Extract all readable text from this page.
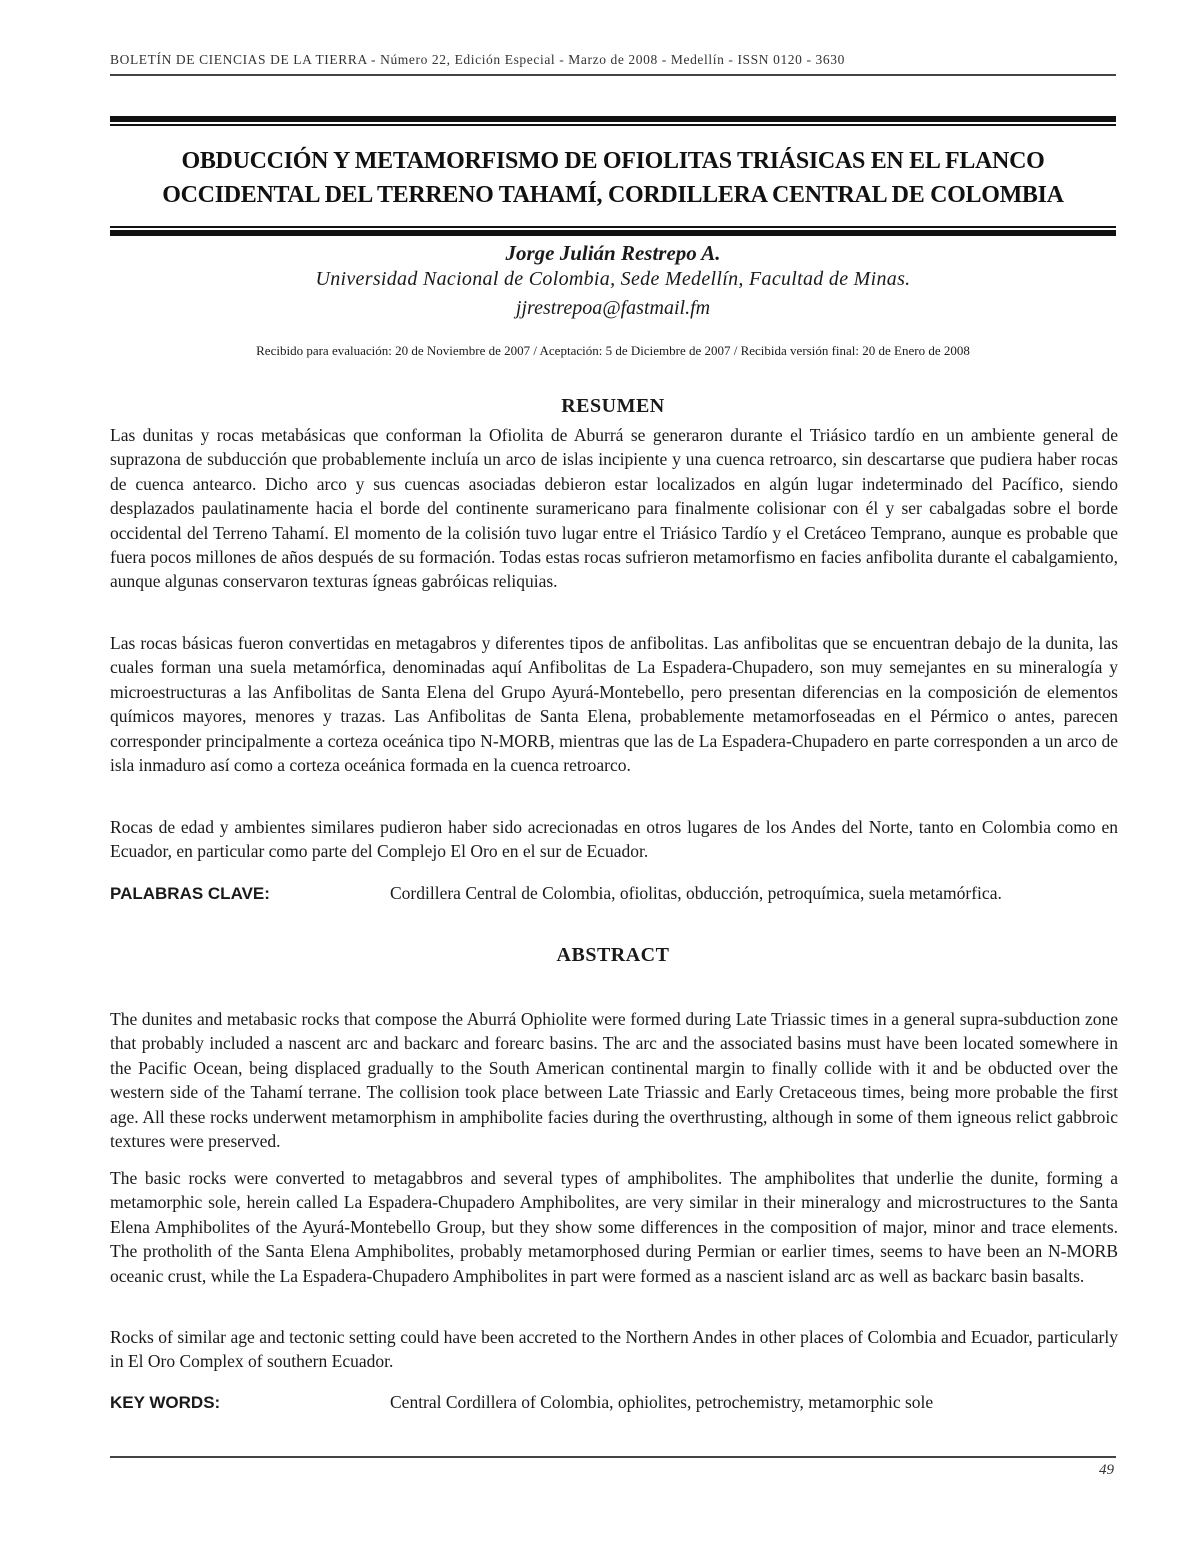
BOLETÍN DE CIENCIAS DE LA TIERRA - Número 22, Edición Especial - Marzo de 2008 - Medellín - ISSN 0120 - 3630
OBDUCCIÓN Y METAMORFISMO DE OFIOLITAS TRIÁSICAS EN EL FLANCO
OCCIDENTAL DEL TERRENO TAHAMÍ, CORDILLERA CENTRAL DE COLOMBIA
Jorge Julián Restrepo A.
Universidad Nacional de Colombia, Sede Medellín, Facultad de Minas.
jjrestrepoa@fastmail.fm
Recibido para evaluación: 20 de Noviembre de 2007 / Aceptación: 5 de Diciembre de 2007 / Recibida versión final: 20 de Enero de 2008
RESUMEN

Las dunitas y rocas metabásicas que conforman la Ofiolita de Aburrá se generaron durante el Triásico tardío en un ambiente general de suprazona de subducción que probablemente incluía un arco de islas incipiente y una cuenca retroarco, sin descartarse que pudiera haber rocas de cuenca antearco. Dicho arco y sus cuencas asociadas debieron estar localizados en algún lugar indeterminado del Pacífico, siendo desplazados paulatinamente hacia el borde del continente suramericano para finalmente colisionar con él y ser cabalgadas sobre el borde occidental del Terreno Tahamí. El momento de la colisión tuvo lugar entre el Triásico Tardío y el Cretáceo Temprano, aunque es probable que fuera pocos millones de años después de su formación. Todas estas rocas sufrieron metamorfismo en facies anfibolita durante el cabalgamiento, aunque algunas conservaron texturas ígneas gabróicas reliquias.

Las rocas básicas fueron convertidas en metagabros y diferentes tipos de anfibolitas. Las anfibolitas que se encuentran debajo de la dunita, las cuales forman una suela metamórfica, denominadas aquí Anfibolitas de La Espadera-Chupadero, son muy semejantes en su mineralogía y microestructuras a las Anfibolitas de Santa Elena del Grupo Ayurá-Montebello, pero presentan diferencias en la composición de elementos químicos mayores, menores y trazas. Las Anfibolitas de Santa Elena, probablemente metamorfoseadas en el Pérmico o antes, parecen corresponder principalmente a corteza oceánica tipo N-MORB, mientras que las de La Espadera-Chupadero en parte corresponden a un arco de isla inmaduro así como a corteza oceánica formada en la cuenca retroarco.

Rocas de edad y ambientes similares pudieron haber sido acrecionadas en otros lugares de los Andes del Norte, tanto en Colombia como en Ecuador, en particular como parte del Complejo El Oro en el sur de Ecuador.

PALABRAS CLAVE:	Cordillera Central de Colombia, ofiolitas, obducción, petroquímica, suela metamórfica.
ABSTRACT

The dunites and metabasic rocks that compose the Aburrá Ophiolite were formed during Late Triassic times in a general supra-subduction zone that probably included a nascent arc and backarc and forearc basins. The arc and the associated basins must have been located somewhere in the Pacific Ocean, being displaced gradually to the South American continental margin to finally collide with it and be obducted over the western side of the Tahamí terrane. The collision took place between Late Triassic and Early Cretaceous times, being more probable the first age. All these rocks underwent metamorphism in amphibolite facies during the overthrusting, although in some of them igneous relict gabbroic textures were preserved.

The basic rocks were converted to metagabbros and several types of amphibolites. The amphibolites that underlie the dunite, forming a metamorphic sole, herein called La Espadera-Chupadero Amphibolites, are very similar in their mineralogy and microstructures to the Santa Elena Amphibolites of the Ayurá-Montebello Group, but they show some differences in the composition of major, minor and trace elements. The protholith of the Santa Elena Amphibolites, probably metamorphosed during Permian or earlier times, seems to have been an N-MORB oceanic crust, while the La Espadera-Chupadero Amphibolites in part were formed as a nascient island arc as well as backarc basin basalts.

Rocks of similar age and tectonic setting could have been accreted to the Northern Andes in other places of Colombia and Ecuador, particularly in El Oro Complex of southern Ecuador.

KEY WORDS:	Central Cordillera of Colombia, ophiolites, petrochemistry, metamorphic sole
49
